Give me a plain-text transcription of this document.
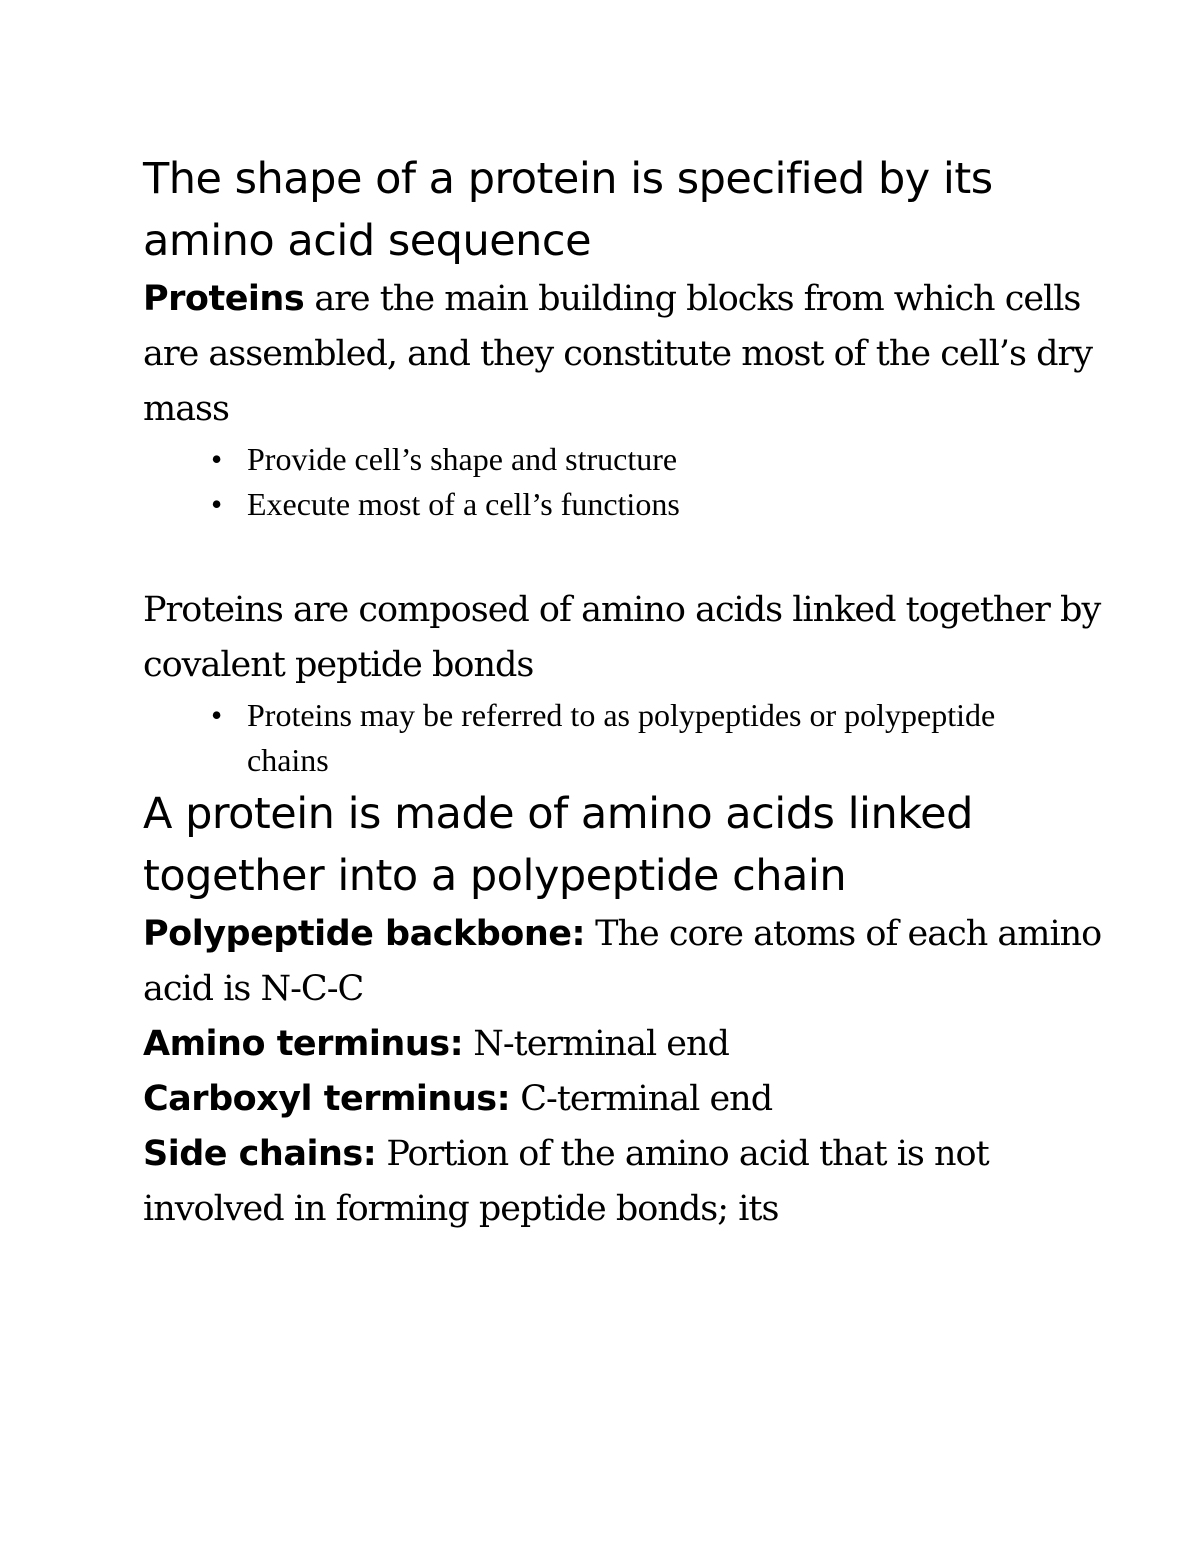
The shape of a protein is specified by its amino acid sequence

Proteins are the main building blocks from which cells are assembled, and they constitute most of the cell’s dry mass

• Provide cell’s shape and structure
• Execute most of a cell’s functions

Proteins are composed of amino acids linked together by covalent peptide bonds

• Proteins may be referred to as polypeptides or polypeptide chains
A protein is made of amino acids linked together into a polypeptide chain

Polypeptide backbone: The core atoms of each amino acid is N-C-C

Amino terminus: N-terminal end

Carboxyl terminus: C-terminal end

Side chains: Portion of the amino acid that is not involved in forming peptide bonds; its
